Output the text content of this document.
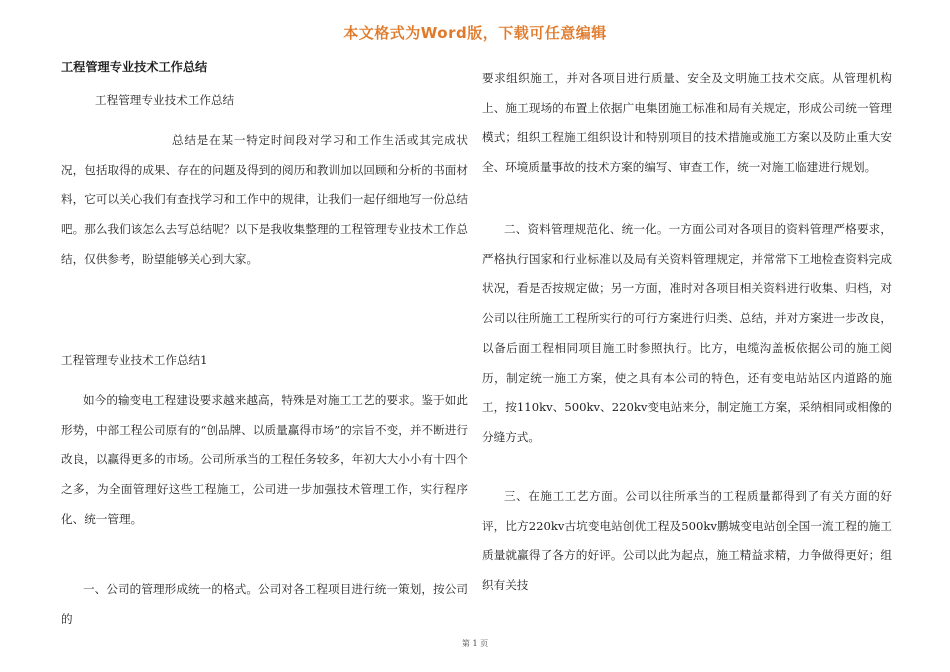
本文格式为Word版，下载可任意编辑
工程管理专业技术工作总结
工程管理专业技术工作总结

总结是在某一特定时间段对学习和工作生活或其完成状况，包括取得的成果、存在的问题及得到的阅历和教训加以回顾和分析的书面材料，它可以关心我们有查找学习和工作中的规律，让我们一起仔细地写一份总结吧。那么我们该怎么去写总结呢？以下是我收集整理的工程管理专业技术工作总结，仅供参考，盼望能够关心到大家。

工程管理专业技术工作总结1

如今的输变电工程建设要求越来越高，特殊是对施工工艺的要求。鉴于如此形势，中部工程公司原有的“创品牌、以质量赢得市场”的宗旨不变，并不断进行改良，以赢得更多的市场。公司所承当的工程任务较多，年初大大小小有十四个之多，为全面管理好这些工程施工，公司进一步加强技术管理工作，实行程序化、统一管理。

一、公司的管理形成统一的格式。公司对各工程项目进行统一策划，按公司的

要求组织施工，并对各项目进行质量、安全及文明施工技术交底。从管理机构上、施工现场的布置上依据广电集团施工标准和局有关规定，形成公司统一管理模式；组织工程施工组织设计和特别项目的技术措施或施工方案以及防止重大安全、环境质量事故的技术方案的编写、审查工作，统一对施工临建进行规划。

二、资料管理规范化、统一化。一方面公司对各项目的资料管理严格要求，严格执行国家和行业标准以及局有关资料管理规定，并常常下工地检查资料完成状况，看是否按规定做；另一方面，准时对各项目相关资料进行收集、归档，对公司以往所施工工程所实行的可行方案进行归类、总结，并对方案进一步改良，以备后面工程相同项目施工时参照执行。比方，电缆沟盖板依据公司的施工阅历，制定统一施工方案，使之具有本公司的特色，还有变电站站区内道路的施工，按110kv、500kv、220kv变电站来分，制定施工方案，采纳相同或相像的分缝方式。

三、在施工工艺方面。公司以往所承当的工程质量都得到了有关方面的好评，比方220kv古坑变电站创优工程及500kv鹏城变电站创全国一流工程的施工质量就赢得了各方的好评。公司以此为起点，施工精益求精，力争做得更好；组织有关技

第 1 页
